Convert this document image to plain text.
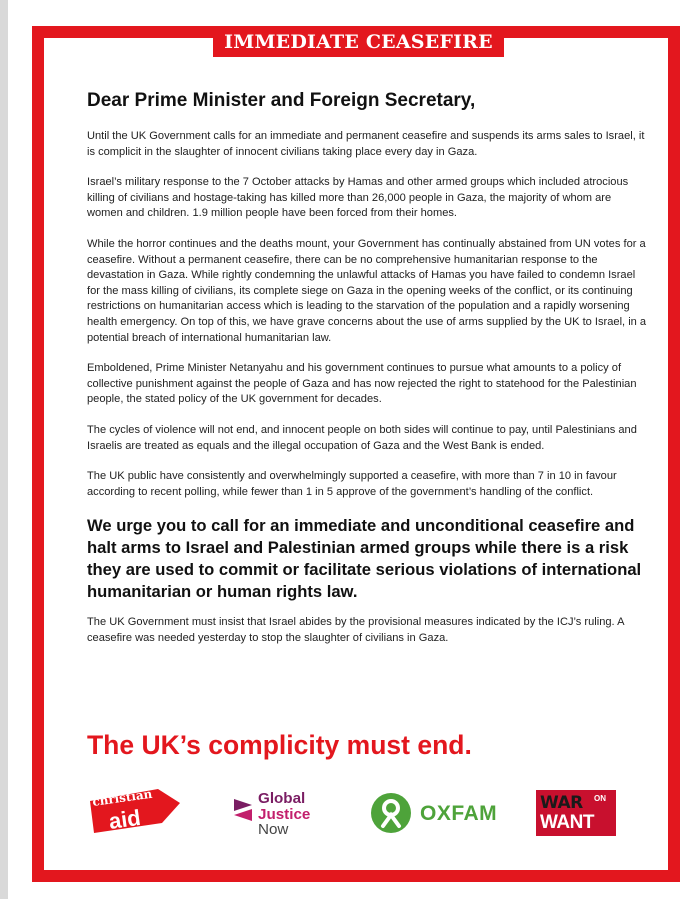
IMMEDIATE CEASEFIRE
Dear Prime Minister and Foreign Secretary,

Until the UK Government calls for an immediate and permanent ceasefire and suspends its arms sales to Israel, it is complicit in the slaughter of innocent civilians taking place every day in Gaza.

Israel’s military response to the 7 October attacks by Hamas and other armed groups which included atrocious killing of civilians and hostage-taking has killed more than 26,000 people in Gaza, the majority of whom are women and children. 1.9 million people have been forced from their homes.

While the horror continues and the deaths mount, your Government has continually abstained from UN votes for a ceasefire. Without a permanent ceasefire, there can be no comprehensive humanitarian response to the devastation in Gaza. While rightly condemning the unlawful attacks of Hamas you have failed to condemn Israel for the mass killing of civilians, its complete siege on Gaza in the opening weeks of the conflict, or its continuing restrictions on humanitarian access which is leading to the starvation of the population and a rapidly worsening health emergency. On top of this, we have grave concerns about the use of arms supplied by the UK to Israel, in a potential breach of international humanitarian law.

Emboldened, Prime Minister Netanyahu and his government continues to pursue what amounts to a policy of collective punishment against the people of Gaza and has now rejected the right to statehood for the Palestinian people, the stated policy of the UK government for decades.

The cycles of violence will not end, and innocent people on both sides will continue to pay, until Palestinians and Israelis are treated as equals and the illegal occupation of Gaza and the West Bank is ended.

The UK public have consistently and overwhelmingly supported a ceasefire, with more than 7 in 10 in favour according to recent polling, while fewer than 1 in 5 approve of the government’s handling of the conflict.

We urge you to call for an immediate and unconditional ceasefire and halt arms to Israel and Palestinian armed groups while there is a risk they are used to commit or facilitate serious violations of international humanitarian or human rights law.

The UK Government must insist that Israel abides by the provisional measures indicated by the ICJ’s ruling. A ceasefire was needed yesterday to stop the slaughter of civilians in Gaza.

The UK’s complicity must end.

christian
aid
Global
Justice
Now
OXFAM	WAR ON
WANT
